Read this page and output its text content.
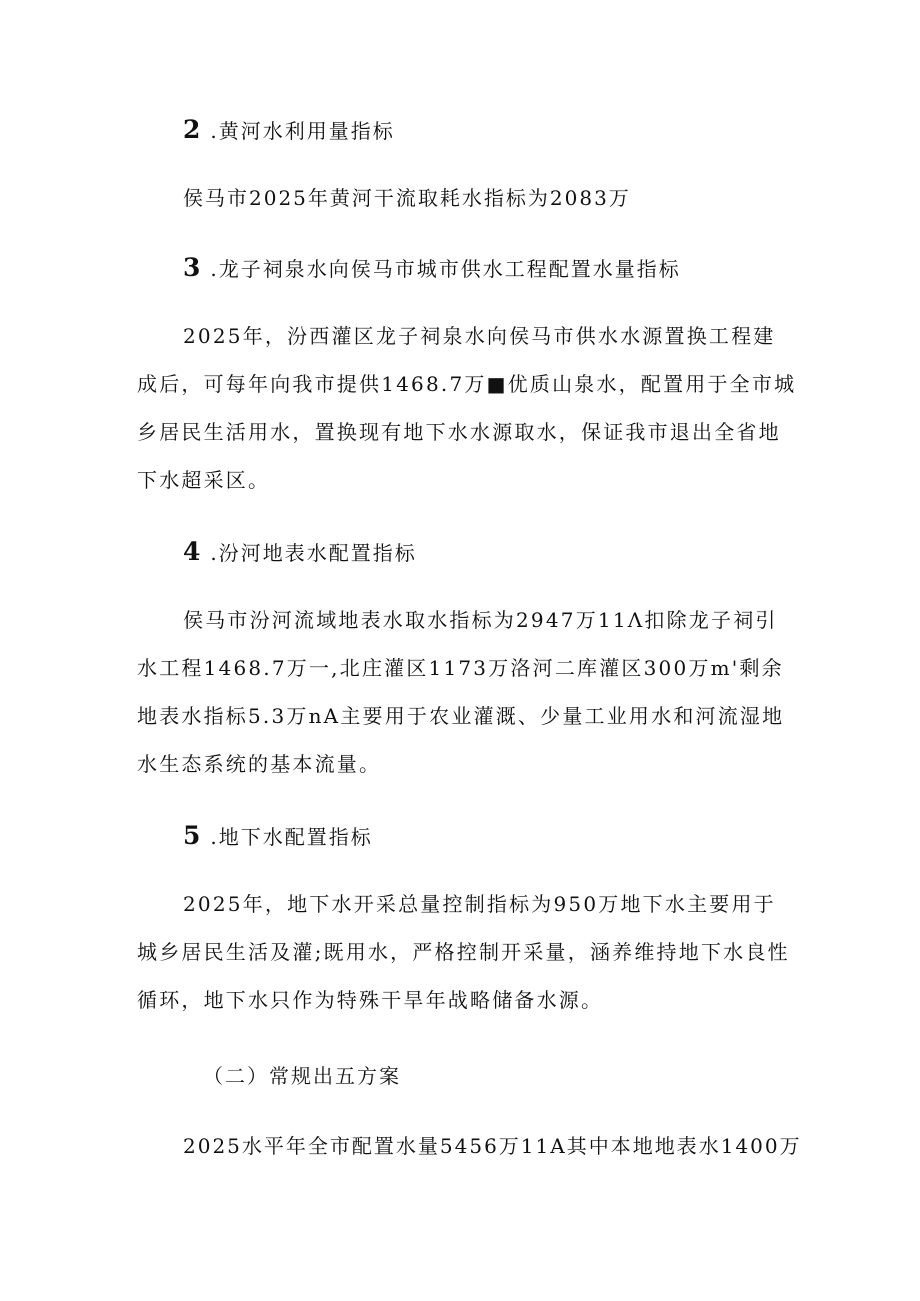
2 .黄河水利用量指标
侯马市2025年黄河干流取耗水指标为2083万
3 .龙子祠泉水向侯马市城市供水工程配置水量指标

2025年，汾西灌区龙子祠泉水向侯马市供水水源置换工程建成后，可每年向我市提供1468.7万■优质山泉水，配置用于全市城乡居民生活用水，置换现有地下水水源取水，保证我市退出全省地下水超采区。

4 .汾河地表水配置指标

侯马市汾河流域地表水取水指标为2947万11Λ扣除龙子祠引水工程1468.7万一,北庄灌区1173万洛河二库灌区300万m'剩余地表水指标5.3万nA主要用于农业灌溉、少量工业用水和河流湿地水生态系统的基本流量。

5 .地下水配置指标

2025年，地下水开采总量控制指标为950万地下水主要用于城乡居民生活及灌;既用水，严格控制开采量，涵养维持地下水良性循环，地下水只作为特殊干旱年战略储备水源。

（二）常规出五方案
2025水平年全市配置水量5456万11A其中本地地表水1400万
